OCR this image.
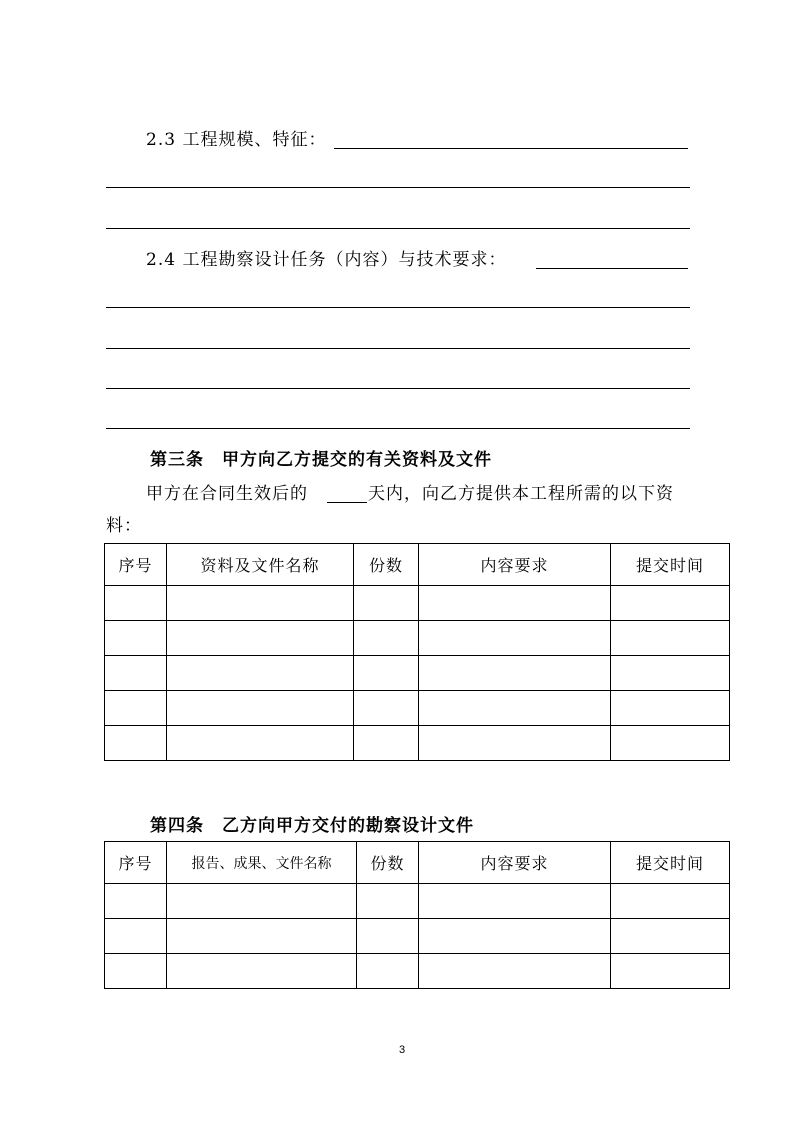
2.3 工程规模、特征：
2.4 工程勘察设计任务（内容）与技术要求：
第三条　甲方向乙方提交的有关资料及文件
甲方在合同生效后的	天内，向乙方提供本工程所需的以下资
料：
序号	资料及文件名称	份数	内容要求	提交时间

第四条　乙方向甲方交付的勘察设计文件
序号	报告、成果、文件名称	份数	内容要求	提交时间

3
